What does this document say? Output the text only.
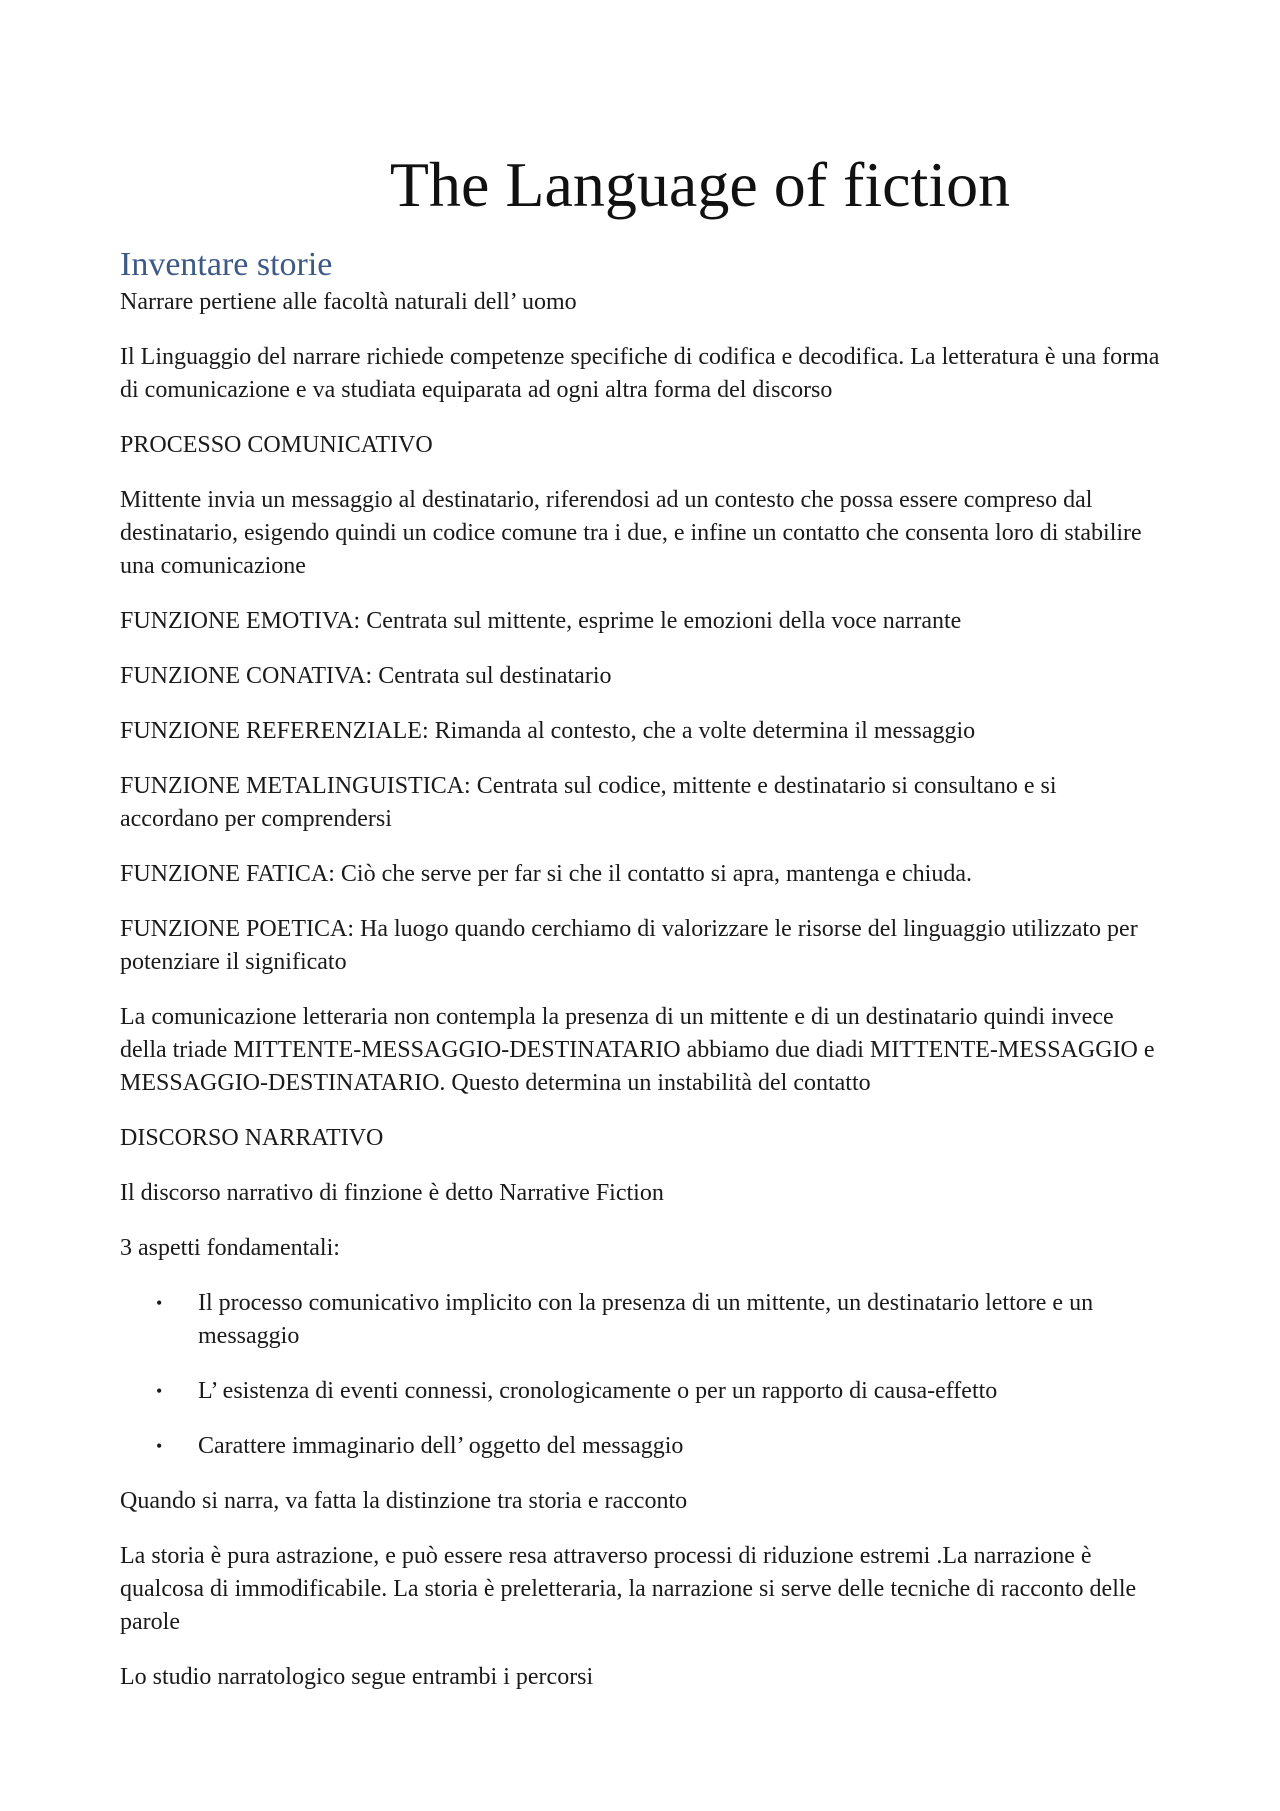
The Language of fiction
Inventare storie

Narrare pertiene alle facoltà naturali dell’ uomo

Il Linguaggio del narrare richiede competenze specifiche di codifica e decodifica. La letteratura è una forma di comunicazione e va studiata equiparata ad ogni altra forma del discorso

PROCESSO COMUNICATIVO

Mittente invia un messaggio al destinatario, riferendosi ad un contesto che possa essere compreso dal destinatario, esigendo quindi un codice comune tra i due, e infine un contatto che consenta loro di stabilire una comunicazione

FUNZIONE EMOTIVA: Centrata sul mittente, esprime le emozioni della voce narrante

FUNZIONE CONATIVA: Centrata sul destinatario

FUNZIONE REFERENZIALE: Rimanda al contesto, che a volte determina il messaggio

FUNZIONE METALINGUISTICA: Centrata sul codice, mittente e destinatario si consultano e si accordano per comprendersi

FUNZIONE FATICA: Ciò che serve per far si che il contatto si apra, mantenga e chiuda.

FUNZIONE POETICA: Ha luogo quando cerchiamo di valorizzare le risorse del linguaggio utilizzato per potenziare il significato

La comunicazione letteraria non contempla la presenza di un mittente e di un destinatario quindi invece della triade MITTENTE-MESSAGGIO-DESTINATARIO abbiamo due diadi MITTENTE-MESSAGGIO e MESSAGGIO-DESTINATARIO. Questo determina un instabilità del contatto

DISCORSO NARRATIVO

Il discorso narrativo di finzione è detto Narrative Fiction

3 aspetti fondamentali:

• Il processo comunicativo implicito con la presenza di un mittente, un destinatario lettore e un messaggio
• L’ esistenza di eventi connessi, cronologicamente o per un rapporto di causa-effetto
• Carattere immaginario dell’ oggetto del messaggio

Quando si narra, va fatta la distinzione tra storia e racconto

La storia è pura astrazione, e può essere resa attraverso processi di riduzione estremi .La narrazione è qualcosa di immodificabile. La storia è preletteraria, la narrazione si serve delle tecniche di racconto delle parole

Lo studio narratologico segue entrambi i percorsi
